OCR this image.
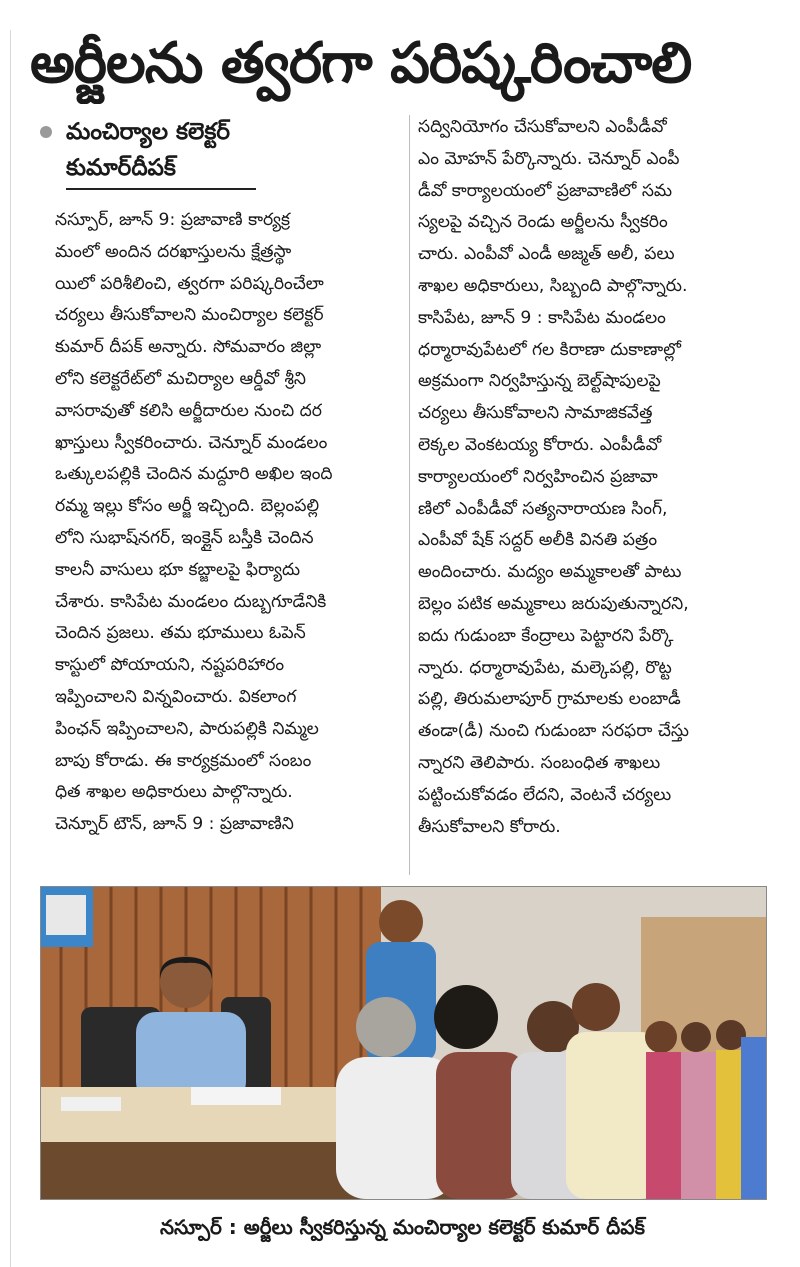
అర్జీలను త్వరగా పరిష్కరించాలి
మంచిర్యాల కలెక్టర్
కుమార్‌దీపక్

నస్పూర్, జూన్ 9: ప్రజావాణి కార్యక్ర

మంలో అందిన దరఖాస్తులను క్షేత్రస్థా

యిలో పరిశీలించి, త్వరగా పరిష్కరించేలా

చర్యలు తీసుకోవాలని మంచిర్యాల కలెక్టర్

కుమార్ దీపక్ అన్నారు. సోమవారం జిల్లా

లోని కలెక్టరేట్‌లో మచిర్యాల ఆర్డీవో శ్రీని

వాసరావుతో కలిసి అర్జీదారుల నుంచి దర

ఖాస్తులు స్వీకరించారు. చెన్నూర్ మండలం

ఒత్కులపల్లికి చెందిన మద్దూరి అఖిల ఇంది

రమ్మ ఇల్లు కోసం అర్జీ ఇచ్చింది. బెల్లంపల్లి

లోని సుభాష్‌నగర్, ఇంక్లైన్ బస్తీకి చెందిన

కాలనీ వాసులు భూ కబ్జాలపై ఫిర్యాదు

చేశారు. కాసిపేట మండలం దుబ్బగూడేనికి

చెందిన ప్రజలు. తమ భూములు ఓపెన్

కాస్టులో పోయాయని, నష్టపరిహారం

ఇప్పించాలని విన్నవించారు. వికలాంగ

పింఛన్ ఇప్పించాలని, పారుపల్లికి నిమ్మల

బాపు కోరాడు. ఈ కార్యక్రమంలో సంబం

ధిత శాఖల అధికారులు పాల్గొన్నారు.

చెన్నూర్ టౌన్, జూన్ 9 : ప్రజావాణిని

సద్వినియోగం చేసుకోవాలని ఎంపీడీవో

ఎం మోహన్ పేర్కొన్నారు. చెన్నూర్ ఎంపీ

డీవో కార్యాలయంలో ప్రజావాణిలో సమ

స్యలపై వచ్చిన రెండు అర్జీలను స్వీకరిం

చారు. ఎంపీవో ఎండీ అజ్మత్ అలీ, పలు

శాఖల అధికారులు, సిబ్బంది పాల్గొన్నారు.

కాసిపేట, జూన్ 9 : కాసిపేట మండలం

ధర్మారావుపేటలో గల కిరాణా దుకాణాల్లో

అక్రమంగా నిర్వహిస్తున్న బెల్ట్‌షాపులపై

చర్యలు తీసుకోవాలని సామాజికవేత్త

లెక్కల వెంకటయ్య కోరారు. ఎంపీడీవో

కార్యాలయంలో నిర్వహించిన ప్రజావా

ణిలో ఎంపీడీవో సత్యనారాయణ సింగ్,

ఎంపీవో షేక్ సద్దర్ అలీకి వినతి పత్రం

అందించారు. మద్యం అమ్మకాలతో పాటు

బెల్లం పటిక అమ్మకాలు జరుపుతున్నారని,

ఐదు గుడుంబా కేంద్రాలు పెట్టారని పేర్కొ

న్నారు. ధర్మారావుపేట, మల్కెపల్లి, రొట్ట

పల్లి, తిరుమలాపూర్ గ్రామాలకు లంబాడీ

తండా(డీ) నుంచి గుడుంబా సరఫరా చేస్తు

న్నారని తెలిపారు. సంబంధిత శాఖలు

పట్టించుకోవడం లేదని, వెంటనే చర్యలు

తీసుకోవాలని కోరారు.

నస్పూర్ : అర్జీలు స్వీకరిస్తున్న మంచిర్యాల కలెక్టర్ కుమార్ దీపక్
